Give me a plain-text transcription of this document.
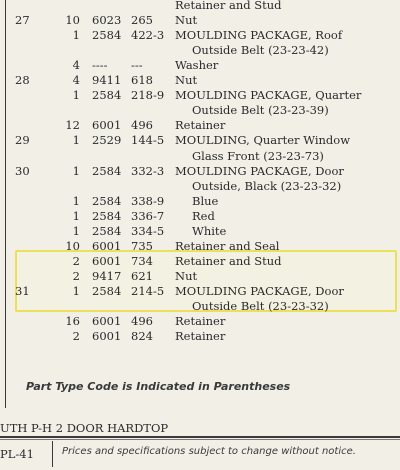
Retainer and Stud
27	10 6023 265	Nut
1 2584 422-3 MOULDING PACKAGE, Roof
Outside Belt (23-23-42)
4 ----	---	Washer
28	4 9411 618	Nut
1 2584 218-9 MOULDING PACKAGE, Quarter
Outside Belt (23-23-39)
12 6001 496	Retainer
29	1 2529 144-5 MOULDING, Quarter Window
Glass Front (23-23-73)
30	1 2584 332-3 MOULDING PACKAGE, Door
Outside, Black (23-23-32)
1 2584 338-9	Blue
1 2584 336-7	Red
1 2584 334-5	White
10 6001 735	Retainer and Seal
2 6001 734	Retainer and Stud
2 9417 621	Nut
31	1 2584 214-5 MOULDING PACKAGE, Door
Outside Belt (23-23-32)
16 6001 496	Retainer
2 6001 824	Retainer
Part Type Code is Indicated in Parentheses
UTH P-H 2 DOOR HARDTOP
PL-41	Prices and specifications subject to change without notice.
